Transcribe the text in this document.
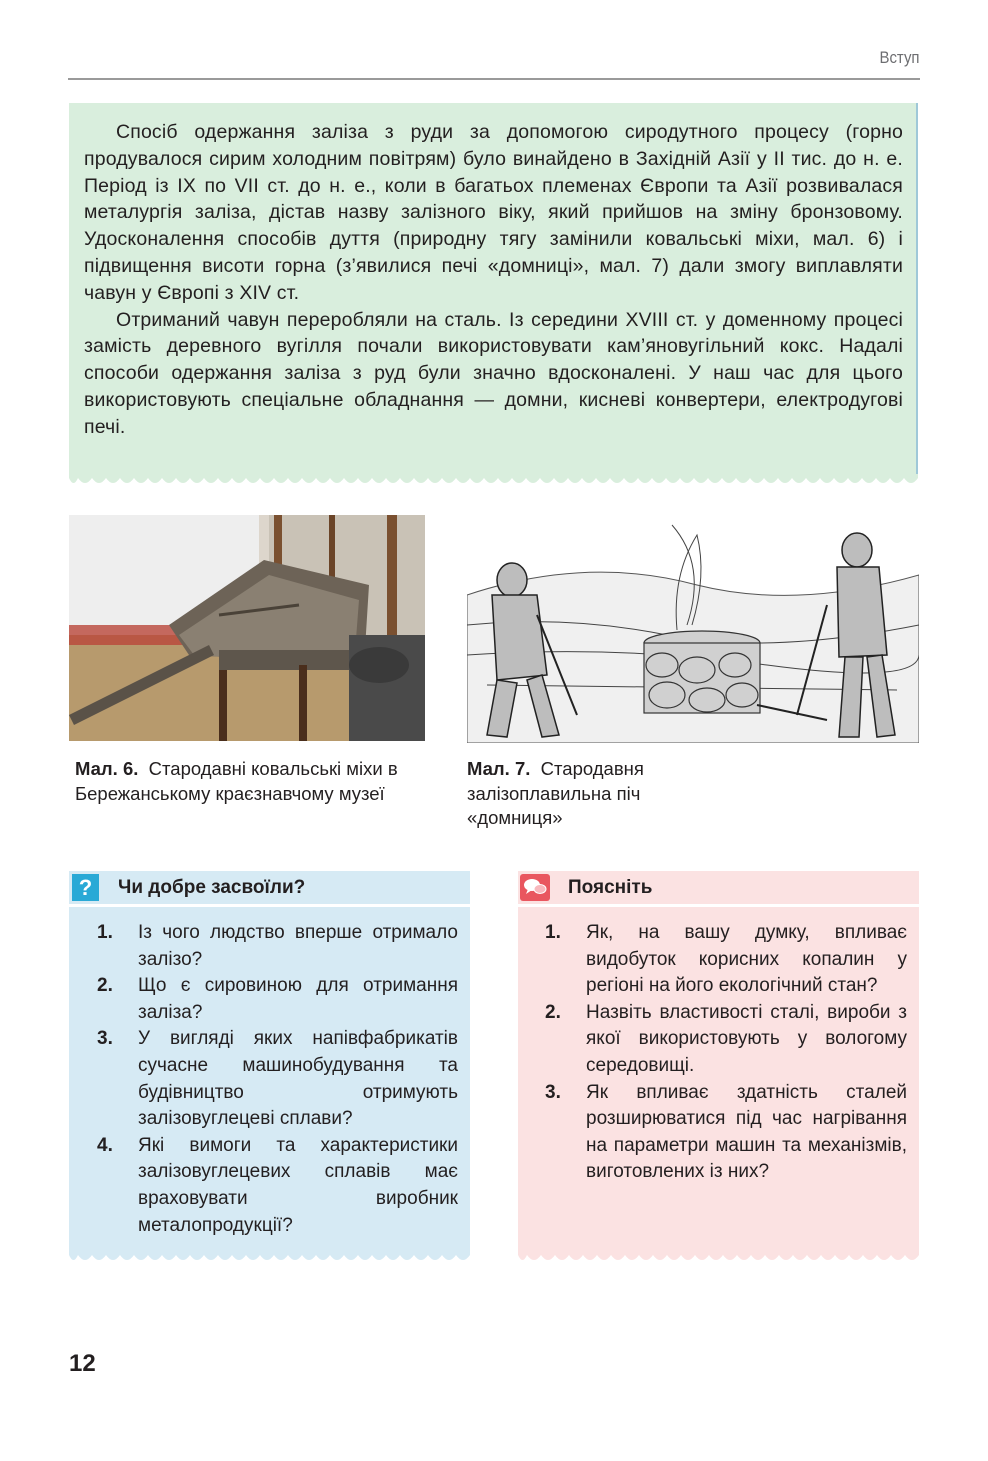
Вступ

Спосіб одержання заліза з руди за допомогою сиродутного процесу (горно продувалося сирим холодним повітрям) було винайдено в Західній Азії у ІІ тис. до н. е. Період із ІХ по VІІ ст. до н. е., коли в багатьох племенах Європи та Азії розвивалася металургія заліза, дістав назву залізного віку, який прийшов на зміну бронзовому. Удосконалення способів дуття (природну тягу замінили ковальські міхи, мал. 6) і підвищення висоти горна (з’явилися печі «домниці», мал. 7) дали змогу виплавляти чавун у Європі з ХІV ст.

Отриманий чавун переробляли на сталь. Із середини XVIII ст. у доменному процесі замість деревного вугілля почали використовувати кам’яновугільний кокс. Надалі способи одержання заліза з руд були значно вдосконалені. У наш час для цього використовують спеціальне обладнання — домни, кисневі конвертери, електродугові печі.

Мал. 6. Стародавні ковальські міхи в Бережанському краєзнавчому музеї
Мал. 7. Стародавня залізоплавильна піч «домниця»
?	Чи добре засвоїли?
1. Із чого людство вперше отримало залізо?
2. Що є сировиною для отримання заліза?
3. У вигляді яких напівфабрикатів сучасне машинобудування та будівництво отримують залізовуглецеві сплави?
4. Які вимоги та характеристики залізовуглецевих сплавів має враховувати виробник металопродукції?
Поясніть
1. Як, на вашу думку, впливає видобуток корисних копалин у регіоні на його екологічний стан?
2. Назвіть властивості сталі, вироби з якої використовують у вологому середовищі.
3. Як впливає здатність сталей розширюватися під час нагрівання на параметри машин та механізмів, виготовлених із них?
12
